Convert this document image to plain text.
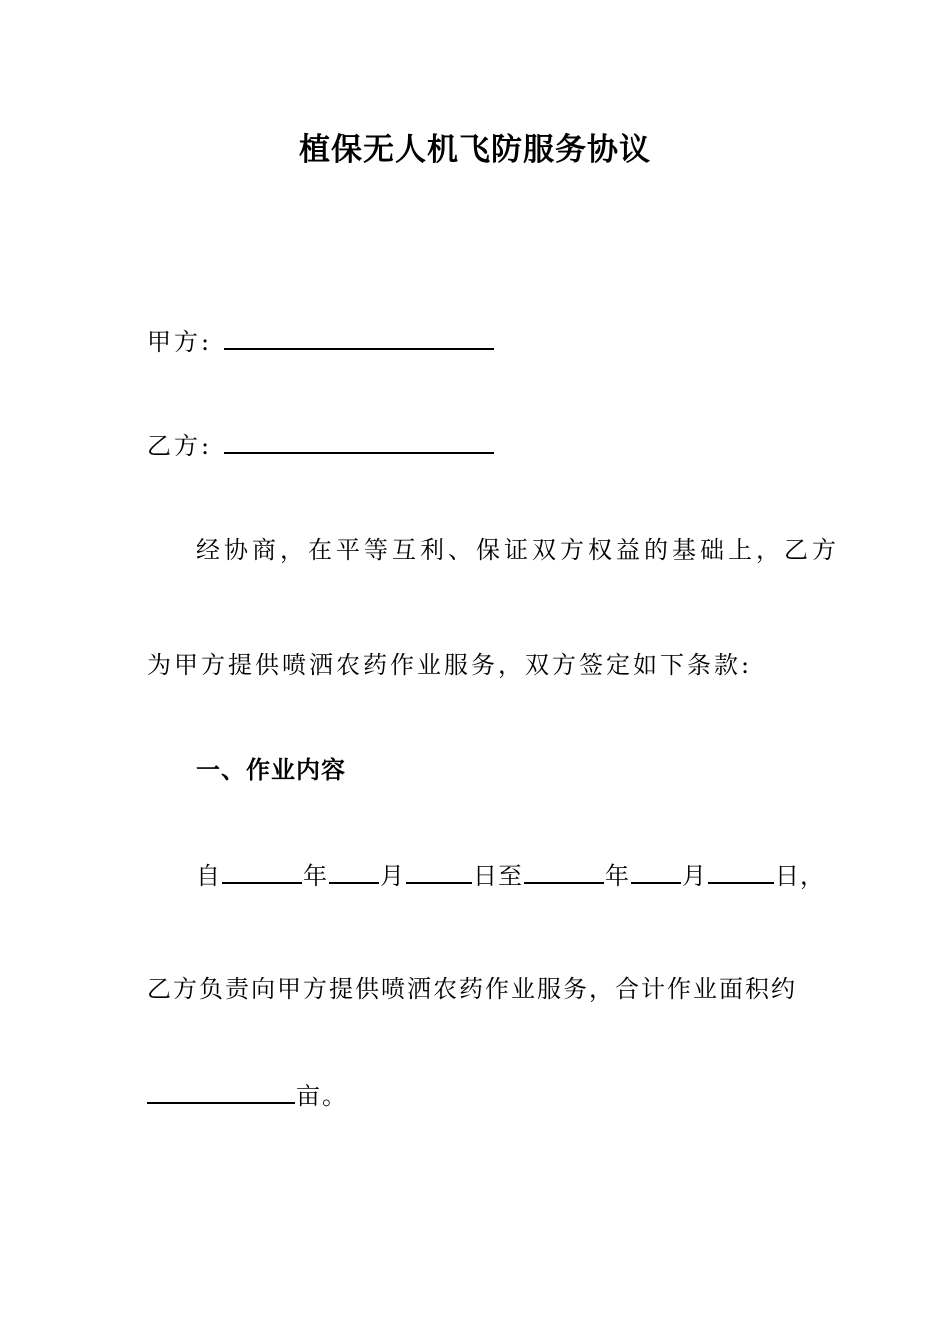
植保无人机飞防服务协议
甲方:
乙方:
经协商，在平等互利、保证双方权益的基础上，乙方
为甲方提供喷洒农药作业服务，双方签定如下条款:
一、作业内容
自	年 月	日至	年 月	日，
乙方负责向甲方提供喷洒农药作业服务，合计作业面积约
亩。
